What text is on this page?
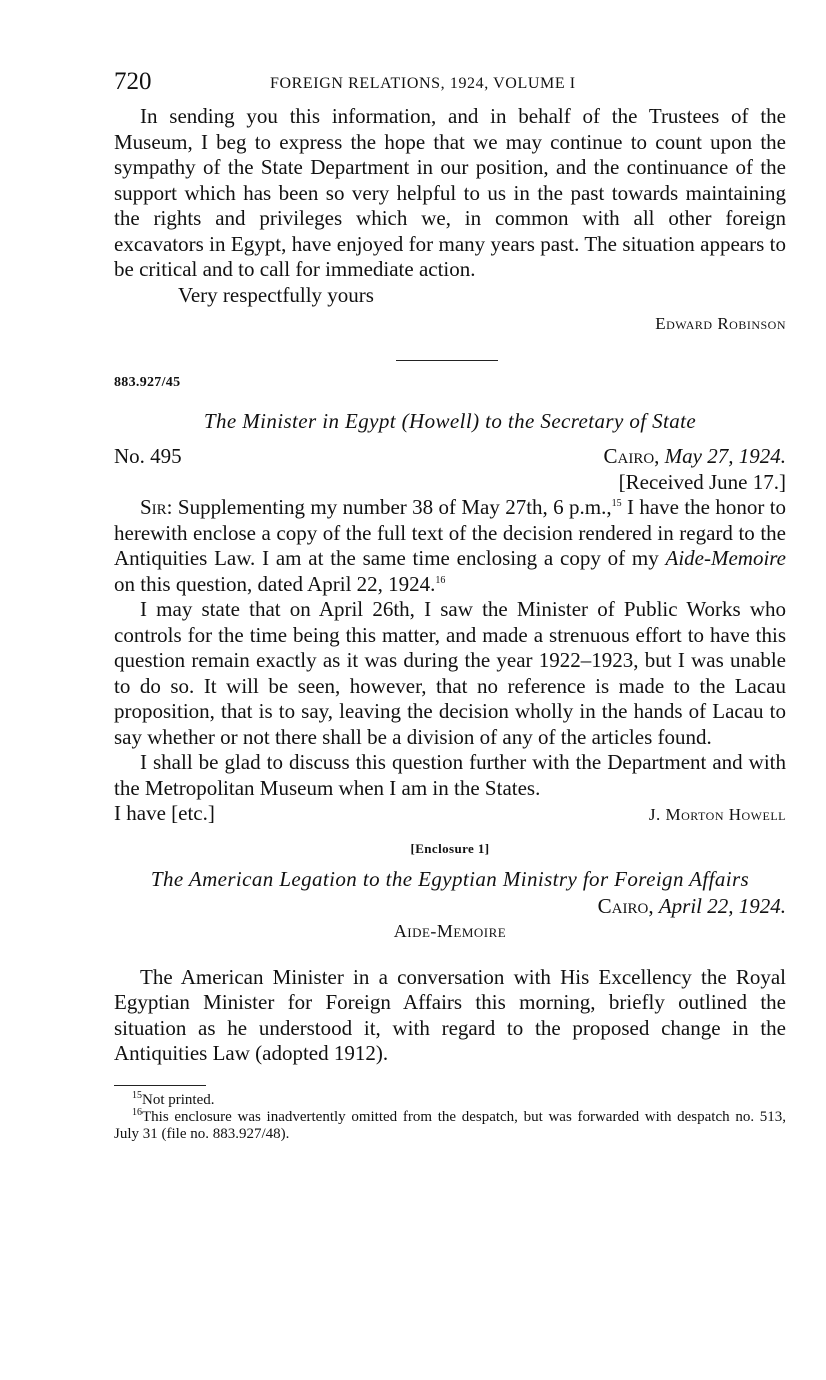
720	FOREIGN RELATIONS, 1924, VOLUME I

In sending you this information, and in behalf of the Trustees of the Museum, I beg to express the hope that we may continue to count upon the sympathy of the State Department in our position, and the continuance of the support which has been so very helpful to us in the past towards maintaining the rights and privileges which we, in common with all other foreign excavators in Egypt, have enjoyed for many years past. The situation appears to be critical and to call for immediate action.

Very respectfully yours

Edward Robinson
883.927/45
The Minister in Egypt (Howell) to the Secretary of State

No. 495	Cairo, May 27, 1924.

[Received June 17.]

Sir: Supplementing my number 38 of May 27th, 6 p.m.,$^{15}$ I have the honor to herewith enclose a copy of the full text of the decision rendered in regard to the Antiquities Law. I am at the same time enclosing a copy of my Aide-Memoire on this question, dated April 22, 1924.16

I may state that on April 26th, I saw the Minister of Public Works who controls for the time being this matter, and made a strenuous effort to have this question remain exactly as it was during the year 1922–1923, but I was unable to do so. It will be seen, however, that no reference is made to the Lacau proposition, that is to say, leaving the decision wholly in the hands of Lacau to say whether or not there shall be a division of any of the articles found.

I shall be glad to discuss this question further with the Department and with the Metropolitan Museum when I am in the States.

I have [etc.]	J. Morton Howell
[Enclosure 1]
The American Legation to the Egyptian Ministry for Foreign Affairs

Cairo, April 22, 1924.

Aide-Memoire

The American Minister in a conversation with His Excellency the Royal Egyptian Minister for Foreign Affairs this morning, briefly outlined the situation as he understood it, with regard to the proposed change in the Antiquities Law (adopted 1912).

$^{15}$Not printed.
$^{16}$This enclosure was inadvertently omitted from the despatch, but was forwarded with despatch no. 513, July 31 (file no. 883.927/48).
